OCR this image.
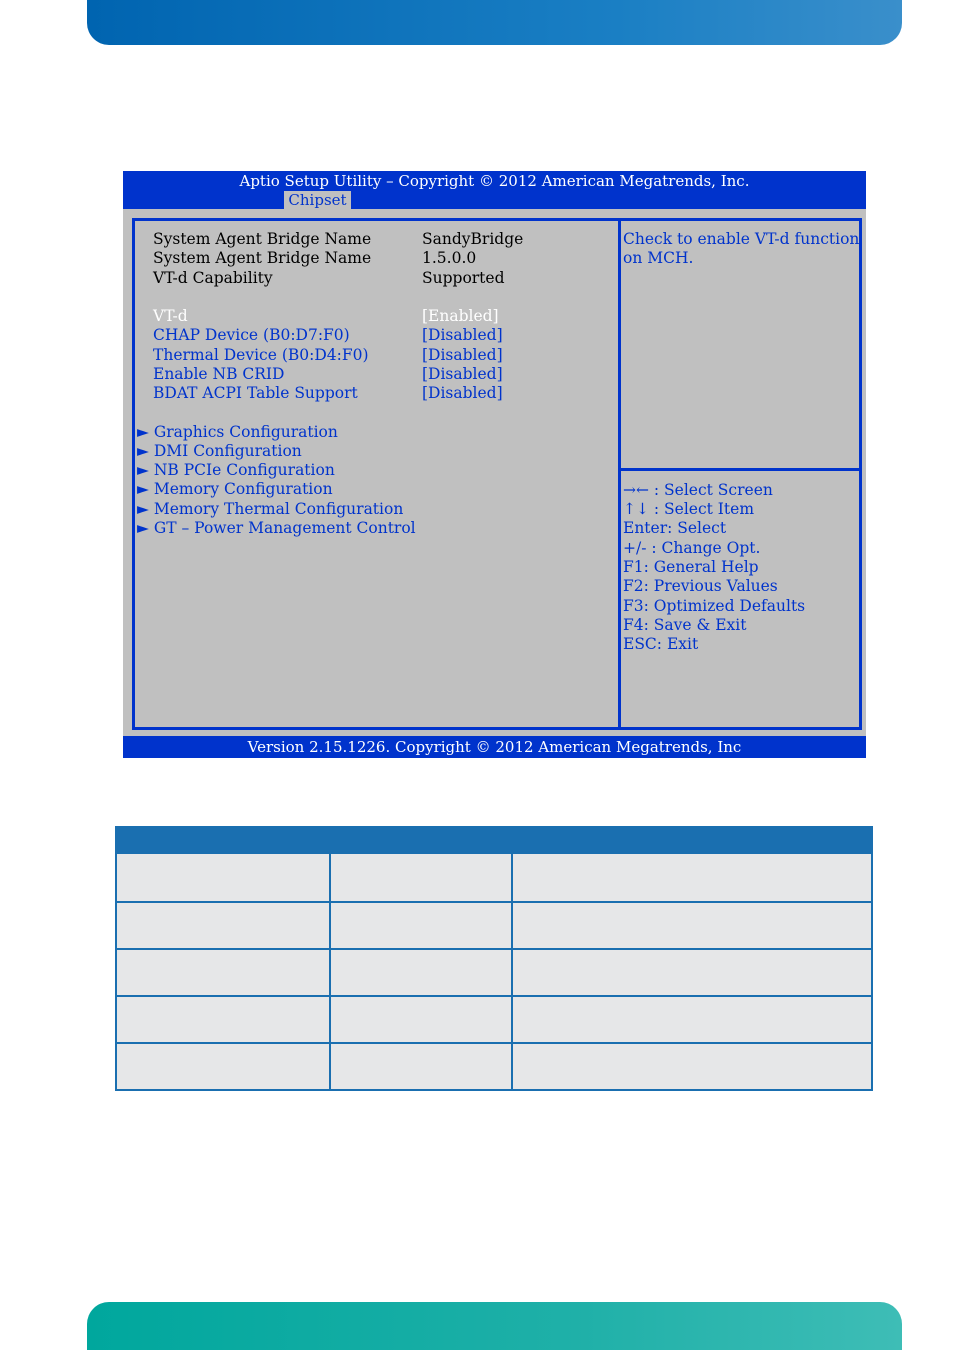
Aptio Setup Utility – Copyright © 2012 American Megatrends, Inc.
Chipset
System Agent Bridge Name	SandyBridge
System Agent Bridge Name	1.5.0.0
VT-d Capability	Supported
VT-d	[Enabled]
CHAP Device (B0:D7:F0)	[Disabled]
Thermal Device (B0:D4:F0)	[Disabled]
Enable NB CRID	[Disabled]
BDAT ACPI Table Support	[Disabled]
► Graphics Configuration
► DMI Configuration
► NB PCIe Configuration
► Memory Configuration
► Memory Thermal Configuration
► GT – Power Management Control
Check to enable VT-d function
on MCH.
→← : Select Screen
↑↓ : Select Item
Enter: Select
+/- : Change Opt.
F1: General Help
F2: Previous Values
F3: Optimized Defaults
F4: Save & Exit
ESC: Exit
Version 2.15.1226. Copyright © 2012 American Megatrends, Inc
